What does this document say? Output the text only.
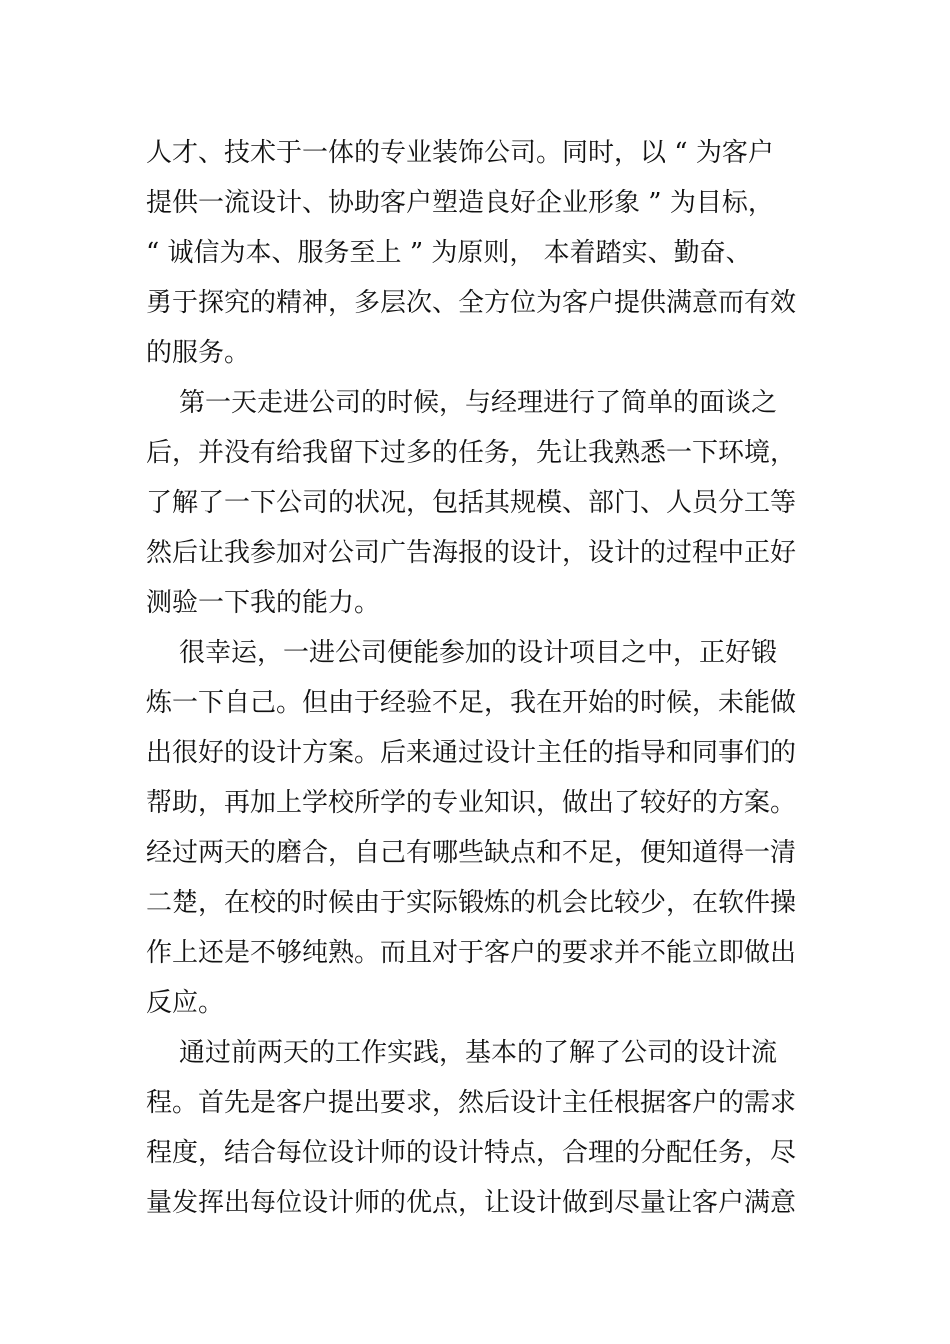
人才、技术于一体的专业装饰公司。同时，以 “ 为客户
提供一流设计、协助客户塑造良好企业形象 ” 为目标，
“ 诚信为本、服务至上 ” 为原则， 本着踏实、勤奋、
勇于探究的精神，多层次、全方位为客户提供满意而有效
的服务。
第一天走进公司的时候，与经理进行了简单的面谈之
后，并没有给我留下过多的任务，先让我熟悉一下环境，
了解了一下公司的状况，包括其规模、部门、人员分工等
然后让我参加对公司广告海报的设计，设计的过程中正好
测验一下我的能力。
很幸运，一进公司便能参加的设计项目之中，正好锻
炼一下自己。但由于经验不足，我在开始的时候，未能做
出很好的设计方案。后来通过设计主任的指导和同事们的
帮助，再加上学校所学的专业知识，做出了较好的方案。
经过两天的磨合，自己有哪些缺点和不足，便知道得一清
二楚，在校的时候由于实际锻炼的机会比较少，在软件操
作上还是不够纯熟。而且对于客户的要求并不能立即做出
反应。
通过前两天的工作实践，基本的了解了公司的设计流
程。首先是客户提出要求，然后设计主任根据客户的需求
程度，结合每位设计师的设计特点，合理的分配任务，尽
量发挥出每位设计师的优点，让设计做到尽量让客户满意
